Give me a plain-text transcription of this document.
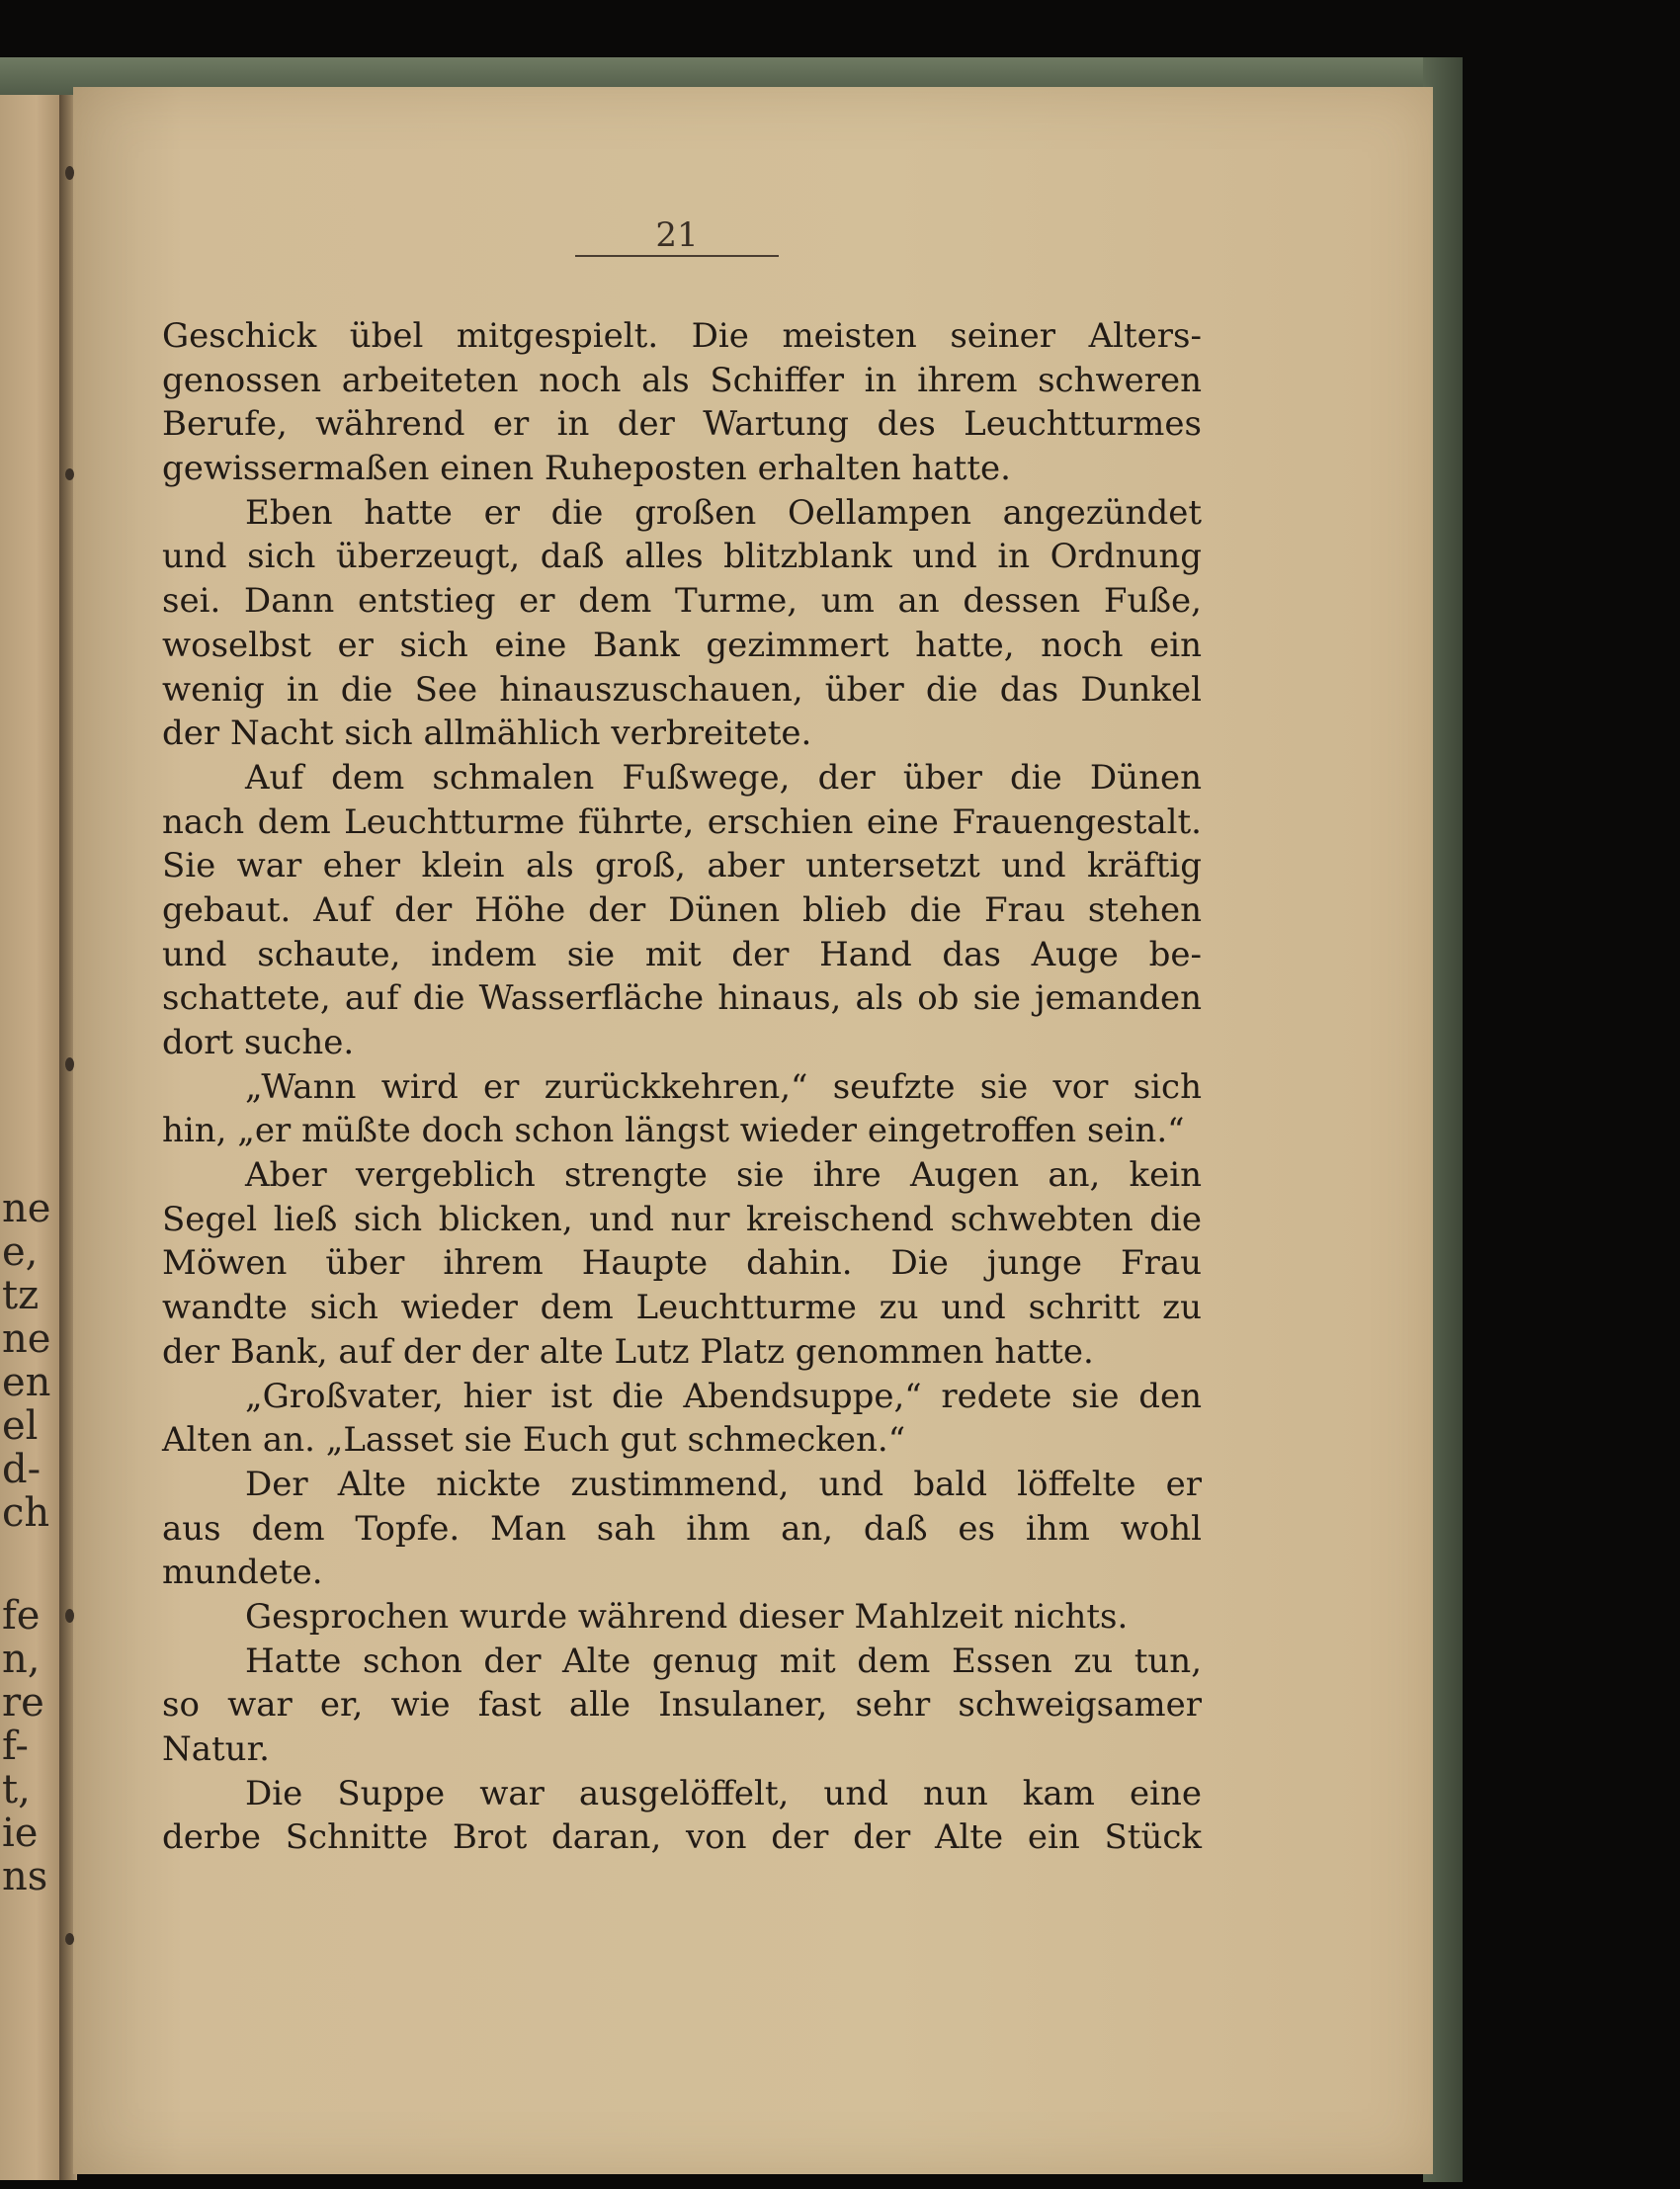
ne
e,
tz
ne
en
el
d-
ch
fe
n,
re
f-
t,
ie
ns
21
Geschick übel mitgespielt. Die meisten seiner Alters-
genossen arbeiteten noch als Schiffer in ihrem schweren
Berufe, während er in der Wartung des Leuchtturmes
gewissermaßen einen Ruheposten erhalten hatte.
Eben hatte er die großen Oellampen angezündet
und sich überzeugt, daß alles blitzblank und in Ordnung
sei. Dann entstieg er dem Turme, um an dessen Fuße,
woselbst er sich eine Bank gezimmert hatte, noch ein
wenig in die See hinauszuschauen, über die das Dunkel
der Nacht sich allmählich verbreitete.
Auf dem schmalen Fußwege, der über die Dünen
nach dem Leuchtturme führte, erschien eine Frauengestalt.
Sie war eher klein als groß, aber untersetzt und kräftig
gebaut. Auf der Höhe der Dünen blieb die Frau stehen
und schaute, indem sie mit der Hand das Auge be-
schattete, auf die Wasserfläche hinaus, als ob sie jemanden
dort suche.
„Wann wird er zurückkehren,“ seufzte sie vor sich
hin, „er müßte doch schon längst wieder eingetroffen sein.“
Aber vergeblich strengte sie ihre Augen an, kein
Segel ließ sich blicken, und nur kreischend schwebten die
Möwen über ihrem Haupte dahin. Die junge Frau
wandte sich wieder dem Leuchtturme zu und schritt zu
der Bank, auf der der alte Lutz Platz genommen hatte.
„Großvater, hier ist die Abendsuppe,“ redete sie den
Alten an. „Lasset sie Euch gut schmecken.“
Der Alte nickte zustimmend, und bald löffelte er
aus dem Topfe. Man sah ihm an, daß es ihm wohl
mundete.
Gesprochen wurde während dieser Mahlzeit nichts.
Hatte schon der Alte genug mit dem Essen zu tun,
so war er, wie fast alle Insulaner, sehr schweigsamer
Natur.
Die Suppe war ausgelöffelt, und nun kam eine
derbe Schnitte Brot daran, von der der Alte ein Stück
